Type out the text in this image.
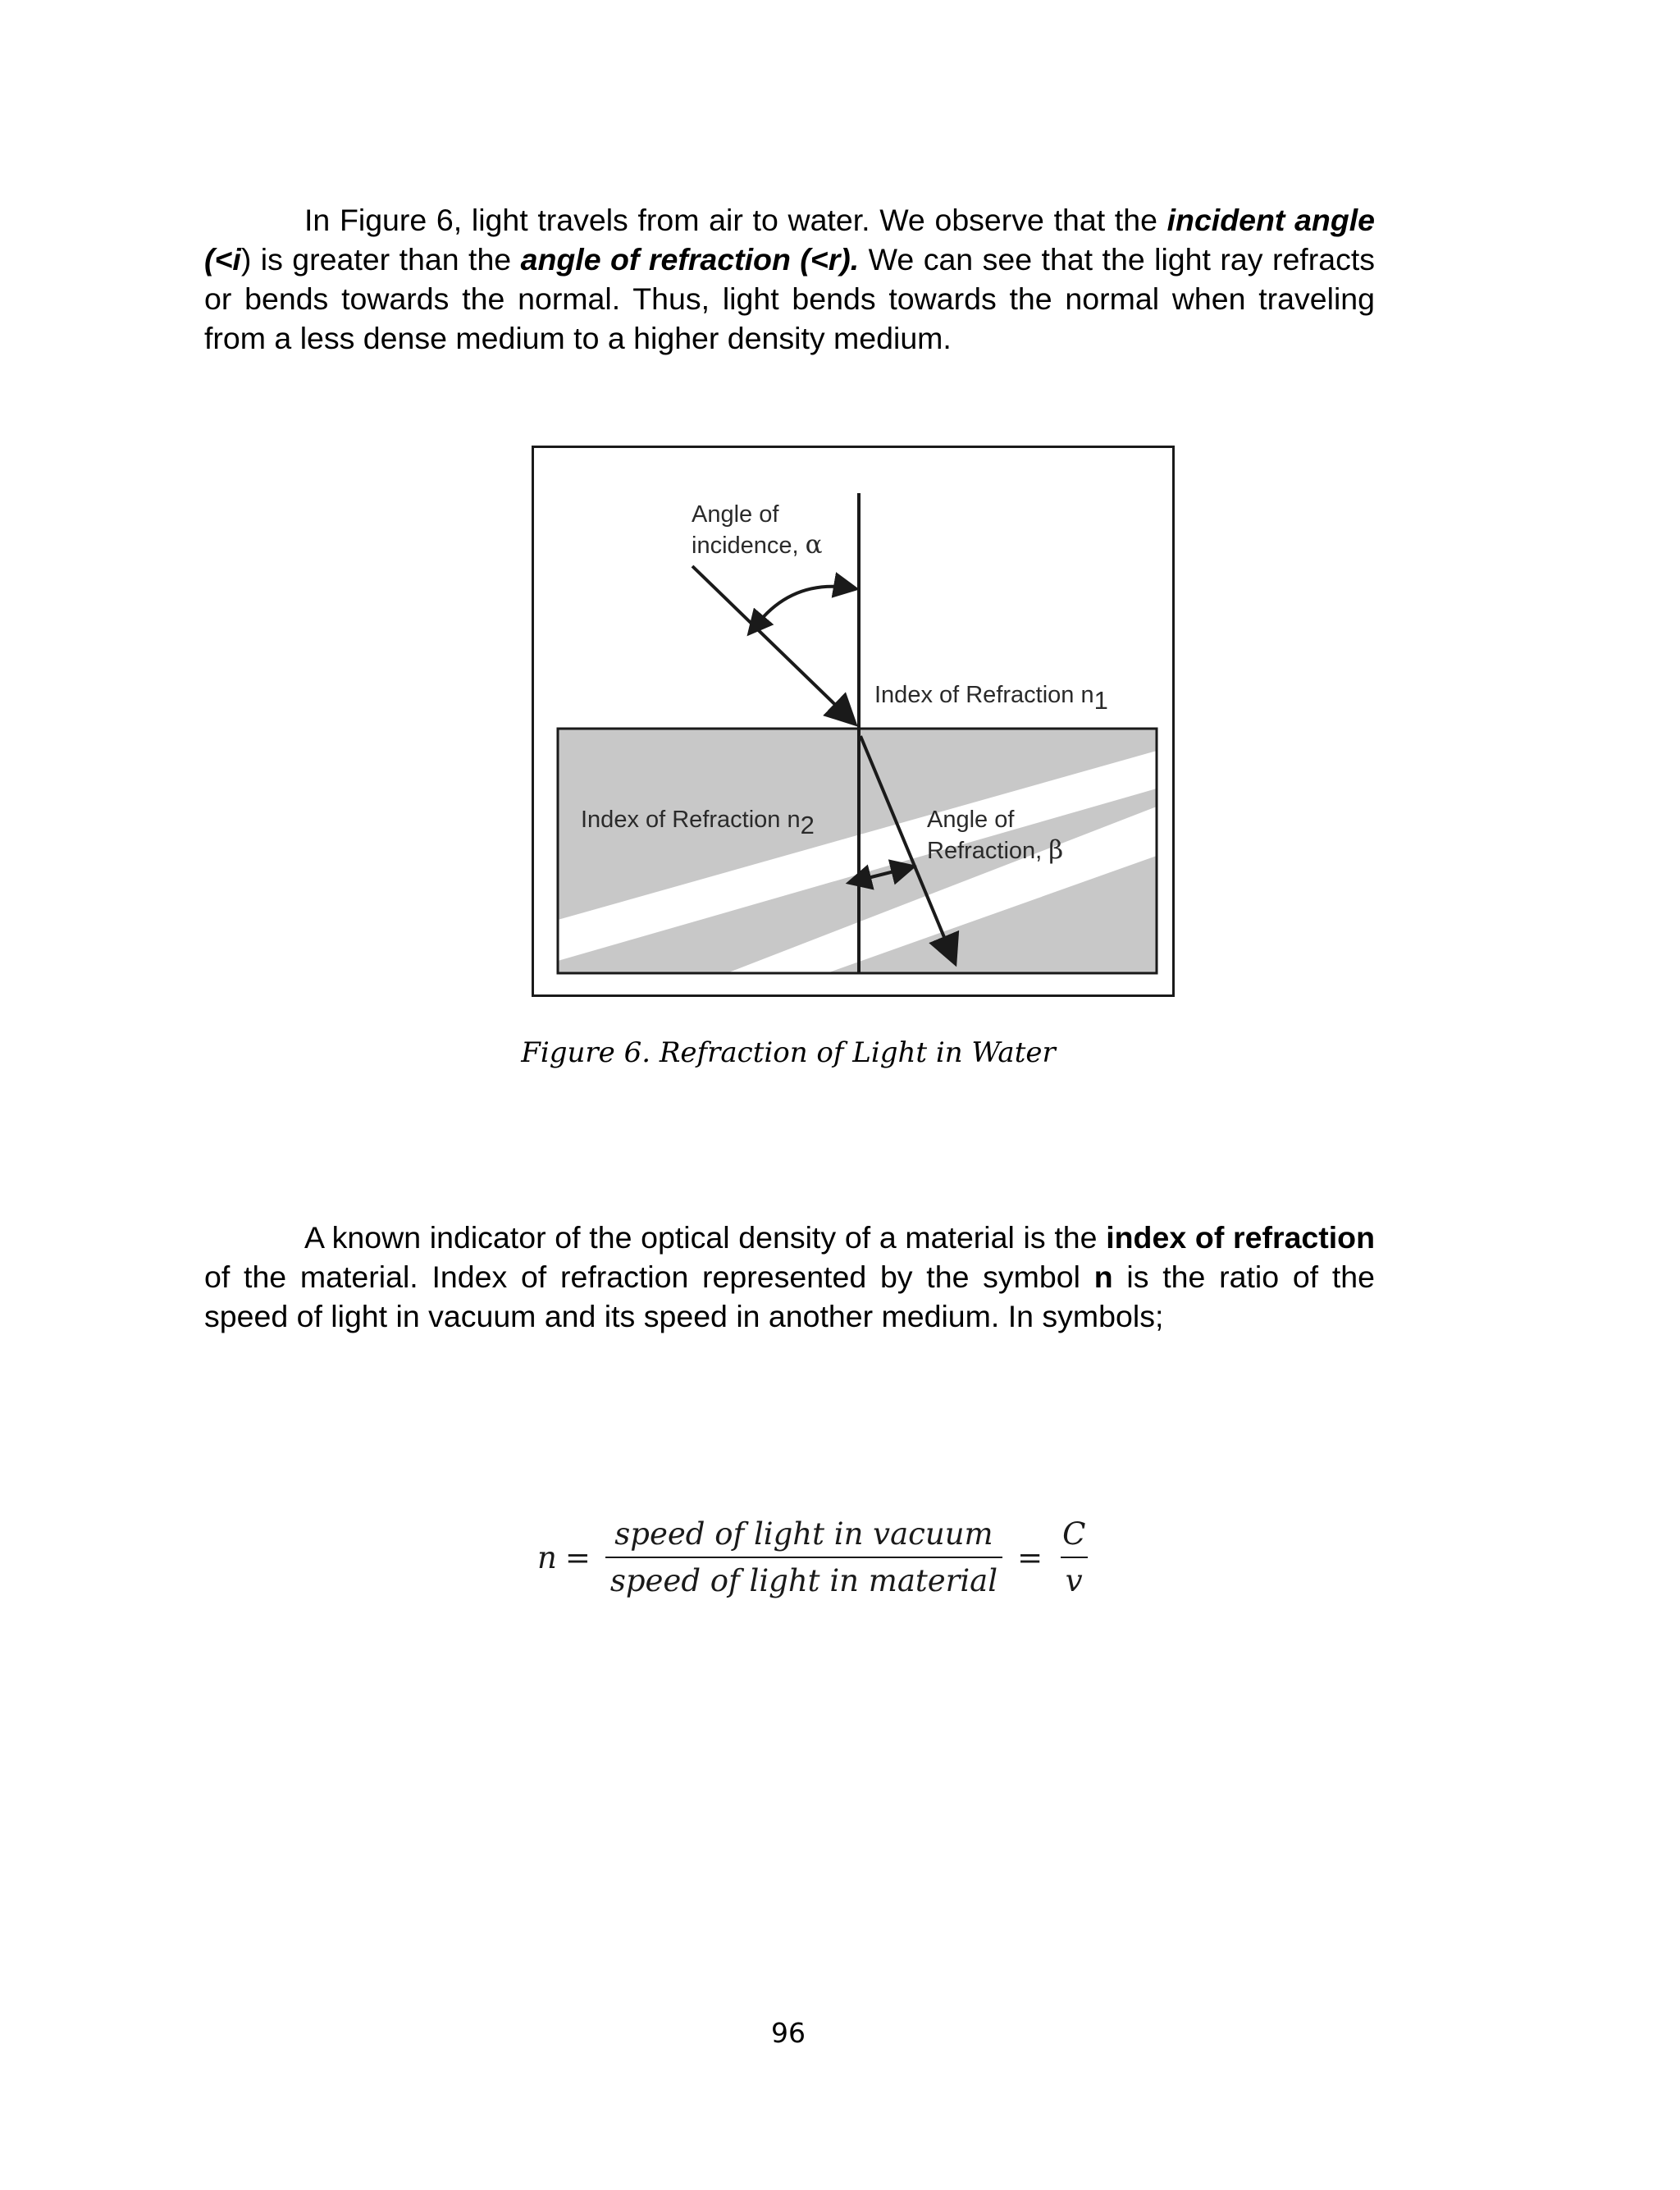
In Figure 6, light travels from air to water. We observe that the incident angle (<i) is greater than the angle of refraction (<r). We can see that the light ray refracts or bends towards the normal. Thus, light bends towards the normal when traveling from a less dense medium to a higher density medium.

Angle of
incidence, α
Index of Refraction n1
Index of Refraction n2	Angle of
Refraction, β
Figure 6. Refraction of Light in Water

A known indicator of the optical density of a material is the index of refraction of the material. Index of refraction represented by the symbol n is the ratio of the speed of light in vacuum and its speed in another medium. In symbols;

$n = \frac{\text{speed of light in vacuum}}{\text{speed of light in material}} = \frac{C}{v}$
96
